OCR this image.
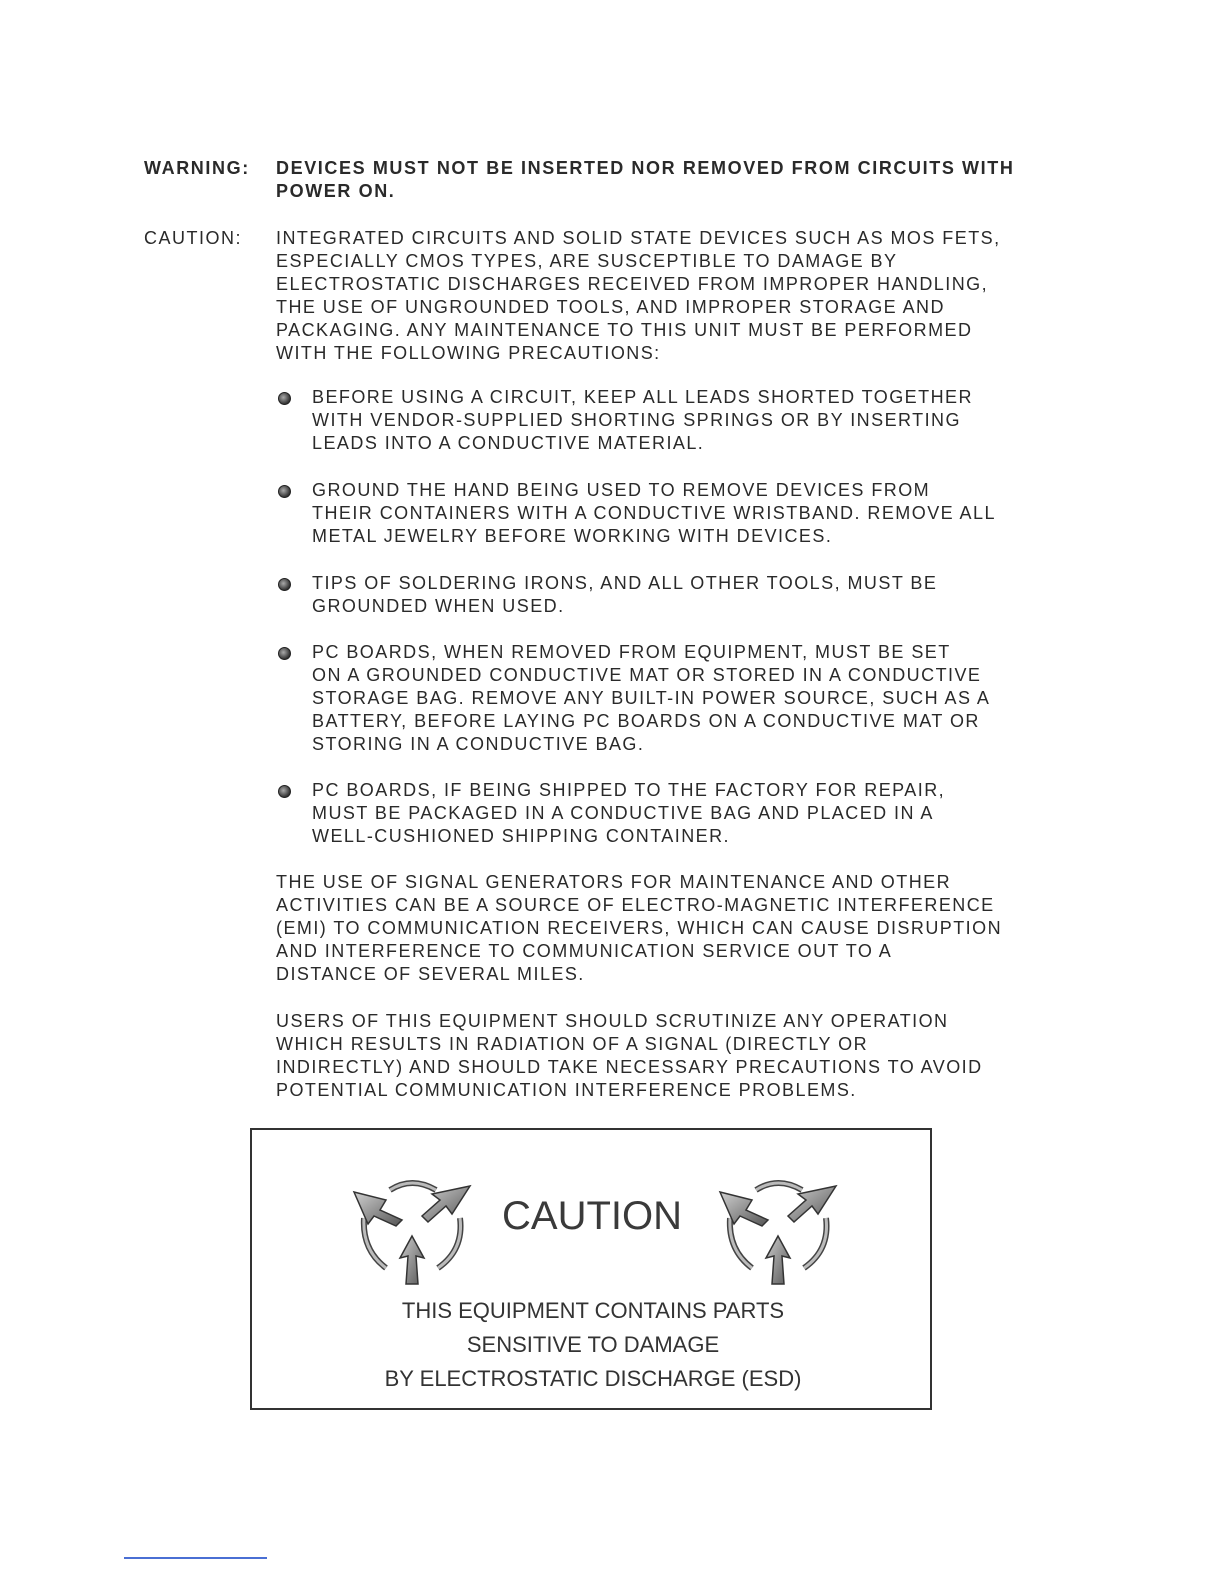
WARNING:	DEVICES MUST NOT BE INSERTED NOR REMOVED FROM CIRCUITS WITH
POWER ON.
CAUTION:	INTEGRATED CIRCUITS AND SOLID STATE DEVICES SUCH AS MOS FETS,
ESPECIALLY CMOS TYPES, ARE SUSCEPTIBLE TO DAMAGE BY
ELECTROSTATIC DISCHARGES RECEIVED FROM IMPROPER HANDLING,
THE USE OF UNGROUNDED TOOLS, AND IMPROPER STORAGE AND
PACKAGING. ANY MAINTENANCE TO THIS UNIT MUST BE PERFORMED
WITH THE FOLLOWING PRECAUTIONS:
BEFORE USING A CIRCUIT, KEEP ALL LEADS SHORTED TOGETHER
WITH VENDOR-SUPPLIED SHORTING SPRINGS OR BY INSERTING
LEADS INTO A CONDUCTIVE MATERIAL.
GROUND THE HAND BEING USED TO REMOVE DEVICES FROM
THEIR CONTAINERS WITH A CONDUCTIVE WRISTBAND. REMOVE ALL
METAL JEWELRY BEFORE WORKING WITH DEVICES.
TIPS OF SOLDERING IRONS, AND ALL OTHER TOOLS, MUST BE
GROUNDED WHEN USED.
PC BOARDS, WHEN REMOVED FROM EQUIPMENT, MUST BE SET
ON A GROUNDED CONDUCTIVE MAT OR STORED IN A CONDUCTIVE
STORAGE BAG. REMOVE ANY BUILT-IN POWER SOURCE, SUCH AS A
BATTERY, BEFORE LAYING PC BOARDS ON A CONDUCTIVE MAT OR
STORING IN A CONDUCTIVE BAG.
PC BOARDS, IF BEING SHIPPED TO THE FACTORY FOR REPAIR,
MUST BE PACKAGED IN A CONDUCTIVE BAG AND PLACED IN A
WELL-CUSHIONED SHIPPING CONTAINER.
THE USE OF SIGNAL GENERATORS FOR MAINTENANCE AND OTHER
ACTIVITIES CAN BE A SOURCE OF ELECTRO-MAGNETIC INTERFERENCE
(EMI) TO COMMUNICATION RECEIVERS, WHICH CAN CAUSE DISRUPTION
AND INTERFERENCE TO COMMUNICATION SERVICE OUT TO A
DISTANCE OF SEVERAL MILES.
USERS OF THIS EQUIPMENT SHOULD SCRUTINIZE ANY OPERATION
WHICH RESULTS IN RADIATION OF A SIGNAL (DIRECTLY OR
INDIRECTLY) AND SHOULD TAKE NECESSARY PRECAUTIONS TO AVOID
POTENTIAL COMMUNICATION INTERFERENCE PROBLEMS.
CAUTION
THIS EQUIPMENT CONTAINS PARTS
SENSITIVE TO DAMAGE
BY ELECTROSTATIC DISCHARGE (ESD)
